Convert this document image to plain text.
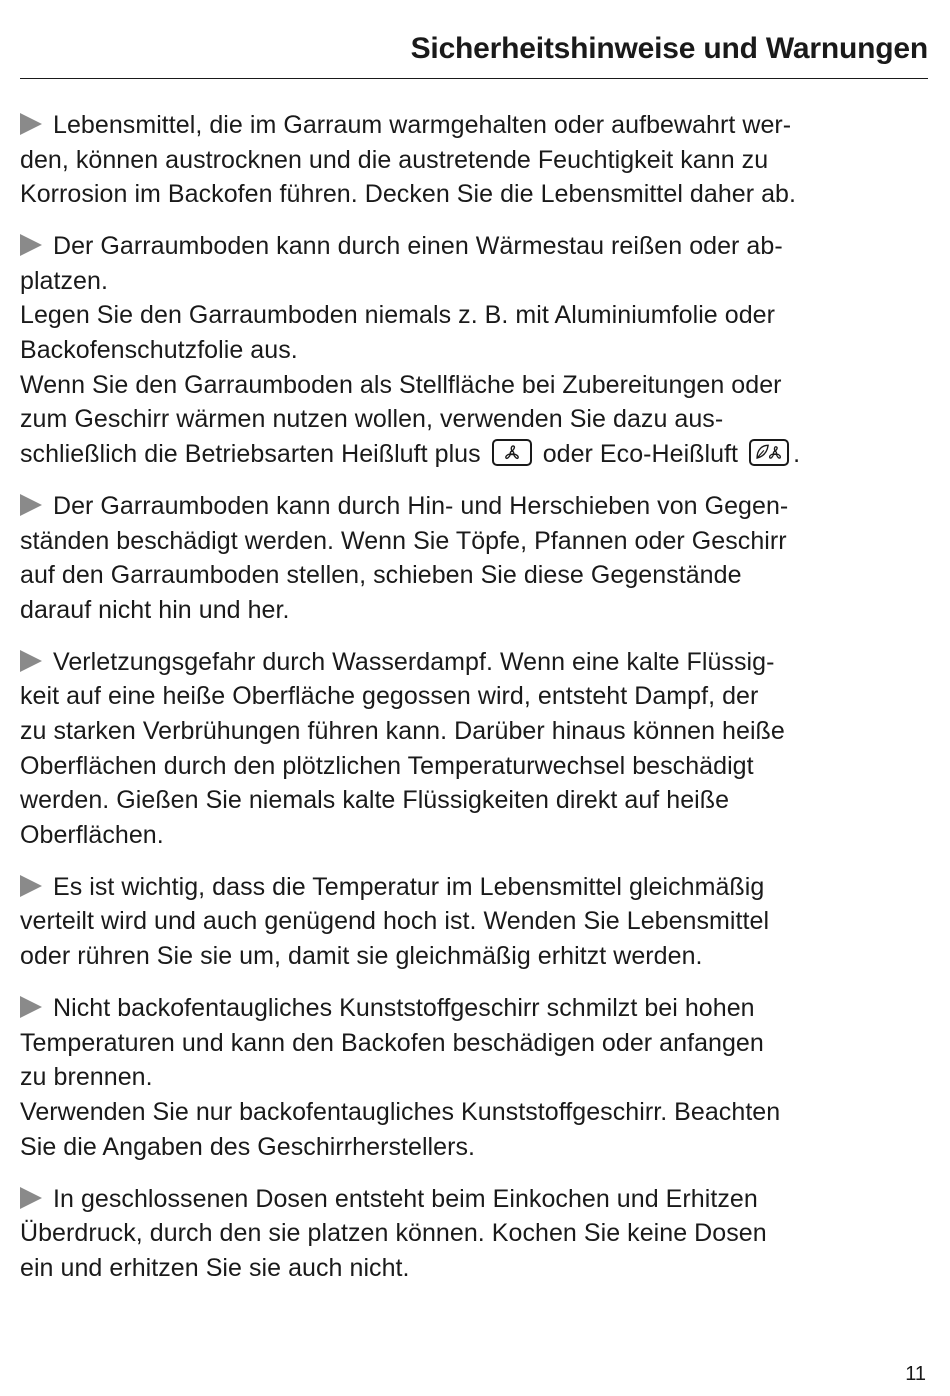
Sicherheitshinweise und Warnungen
Lebensmittel, die im Garraum warmgehalten oder aufbewahrt wer-
den, können austrocknen und die austretende Feuchtigkeit kann zu
Korrosion im Backofen führen. Decken Sie die Lebensmittel daher ab.
Der Garraumboden kann durch einen Wärmestau reißen oder ab-
platzen.
Legen Sie den Garraumboden niemals z. B. mit Aluminiumfolie oder
Backofenschutzfolie aus.
Wenn Sie den Garraumboden als Stellfläche bei Zubereitungen oder
zum Geschirr wärmen nutzen wollen, verwenden Sie dazu aus-
schließlich die Betriebsarten Heißluft plus oder Eco-Heißluft .
Der Garraumboden kann durch Hin- und Herschieben von Gegen-
ständen beschädigt werden. Wenn Sie Töpfe, Pfannen oder Geschirr
auf den Garraumboden stellen, schieben Sie diese Gegenstände
darauf nicht hin und her.
Verletzungsgefahr durch Wasserdampf. Wenn eine kalte Flüssig-
keit auf eine heiße Oberfläche gegossen wird, entsteht Dampf, der
zu starken Verbrühungen führen kann. Darüber hinaus können heiße
Oberflächen durch den plötzlichen Temperaturwechsel beschädigt
werden. Gießen Sie niemals kalte Flüssigkeiten direkt auf heiße
Oberflächen.
Es ist wichtig, dass die Temperatur im Lebensmittel gleichmäßig
verteilt wird und auch genügend hoch ist. Wenden Sie Lebensmittel
oder rühren Sie sie um, damit sie gleichmäßig erhitzt werden.
Nicht backofentaugliches Kunststoffgeschirr schmilzt bei hohen
Temperaturen und kann den Backofen beschädigen oder anfangen
zu brennen.
Verwenden Sie nur backofentaugliches Kunststoffgeschirr. Beachten
Sie die Angaben des Geschirrherstellers.
In geschlossenen Dosen entsteht beim Einkochen und Erhitzen
Überdruck, durch den sie platzen können. Kochen Sie keine Dosen
ein und erhitzen Sie sie auch nicht.
11
